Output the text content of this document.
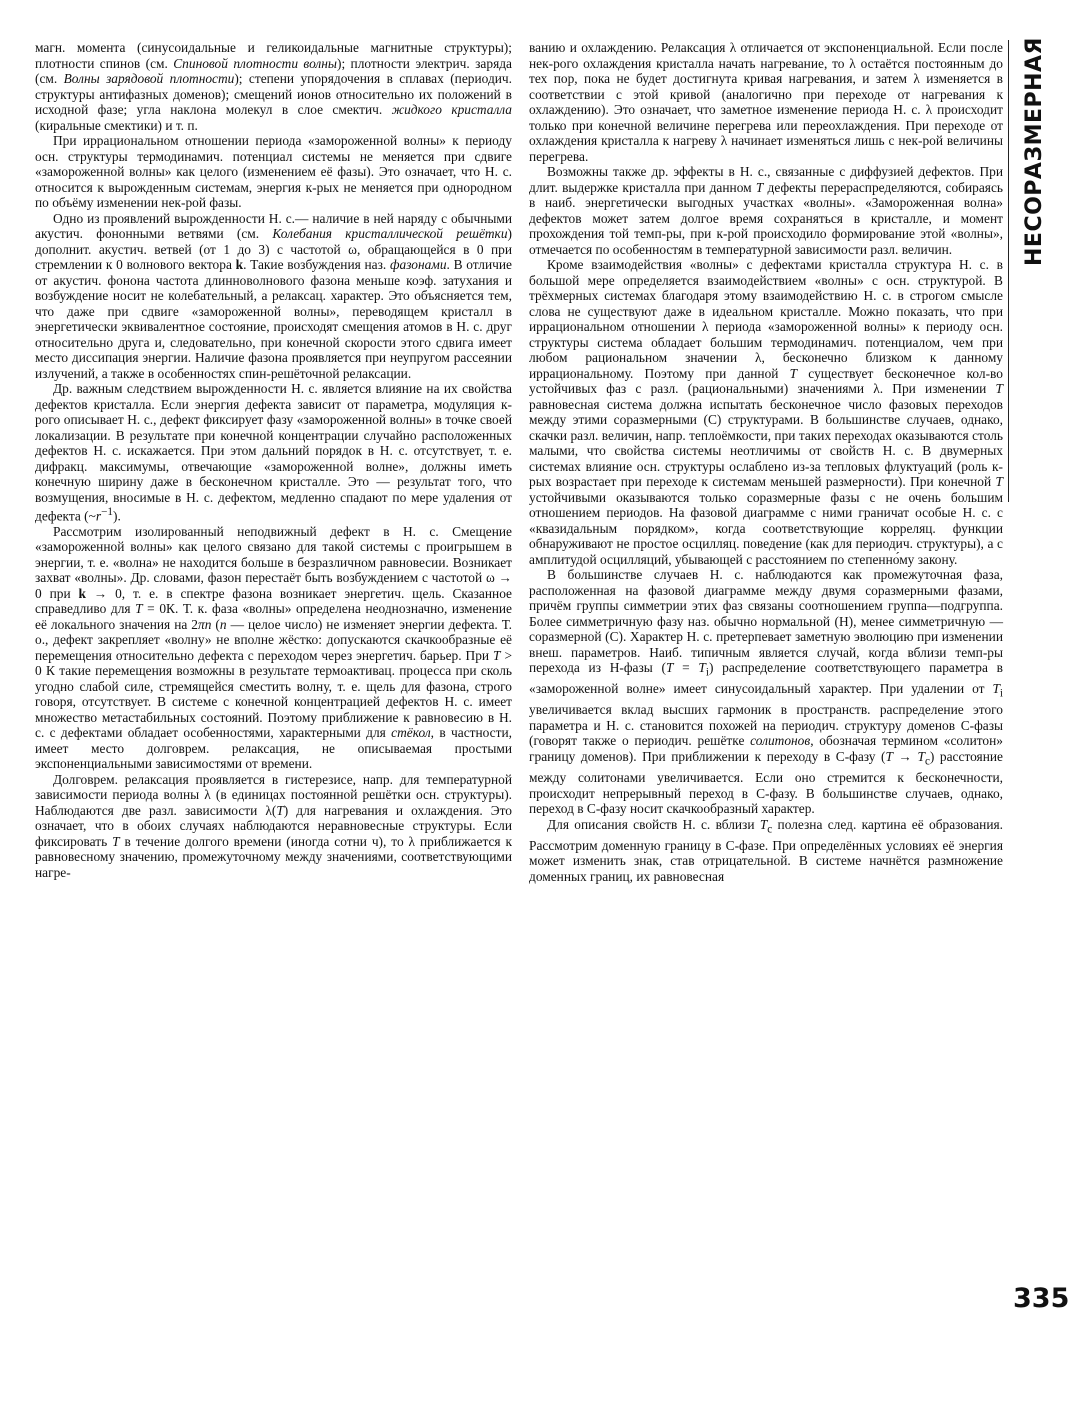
магн. момента (синусоидальные и геликоидальные магнитные структуры); плотности спинов (см. Спиновой плотности волны); плотности электрич. заряда (см. Волны зарядовой плотности); степени упорядочения в сплавах (периодич. структуры антифазных доменов); смещений ионов относительно их положений в исходной фазе; угла наклона молекул в слое смектич. жидкого кристалла (киральные смектики) и т. п.

При иррациональном отношении периода «замороженной волны» к периоду осн. структуры термодинамич. потенциал системы не меняется при сдвиге «замороженной волны» как целого (изменением её фазы). Это означает, что Н. с. относится к вырожденным системам, энергия к-рых не меняется при однородном по объёму изменении нек-рой фазы.

Одно из проявлений вырожденности Н. с.— наличие в ней наряду с обычными акустич. фононными ветвями (см. Колебания кристаллической решётки) дополнит. акустич. ветвей (от 1 до 3) с частотой ω, обращающейся в 0 при стремлении к 0 волнового вектора k. Такие возбуждения наз. фазонами. В отличие от акустич. фонона частота длинноволнового фазона меньше коэф. затухания и возбуждение носит не колебательный, а релаксац. характер. Это объясняется тем, что даже при сдвиге «замороженной волны», переводящем кристалл в энергетически эквивалентное состояние, происходят смещения атомов в Н. с. друг относительно друга и, следовательно, при конечной скорости этого сдвига имеет место диссипация энергии. Наличие фазона проявляется при неупругом рассеянии излучений, а также в особенностях спин-решёточной релаксации.

Др. важным следствием вырожденности Н. с. является влияние на их свойства дефектов кристалла. Если энергия дефекта зависит от параметра, модуляция к-рого описывает Н. с., дефект фиксирует фазу «замороженной волны» в точке своей локализации. В результате при конечной концентрации случайно расположенных дефектов Н. с. искажается. При этом дальний порядок в Н. с. отсутствует, т. е. дифракц. максимумы, отвечающие «замороженной волне», должны иметь конечную ширину даже в бесконечном кристалле. Это — результат того, что возмущения, вносимые в Н. с. дефектом, медленно спадают по мере удаления от дефекта $(\sim r^{-1})$.

Рассмотрим изолированный неподвижный дефект в Н. с. Смещение «замороженной волны» как целого связано для такой системы с проигрышем в энергии, т. е. «волна» не находится больше в безразличном равновесии. Возникает захват «волны». Др. словами, фазон перестаёт быть возбуждением с частотой ω → 0 при k → 0, т. е. в спектре фазона возникает энергетич. щель. Сказанное справедливо для T = 0К. Т. к. фаза «волны» определена неоднозначно, изменение её локального значения на 2πn (n — целое число) не изменяет энергии дефекта. Т. о., дефект закрепляет «волну» не вполне жёстко: допускаются скачкообразные её перемещения относительно дефекта с переходом через энергетич. барьер. При T > 0 К такие перемещения возможны в результате термоактивац. процесса при сколь угодно слабой силе, стремящейся сместить волну, т. е. щель для фазона, строго говоря, отсутствует. В системе с конечной концентрацией дефектов Н. с. имеет множество метастабильных состояний. Поэтому приближение к равновесию в Н. с. с дефектами обладает особенностями, характерными для стёкол, в частности, имеет место долговрем. релаксация, не описываемая простыми экспоненциальными зависимостями от времени.

Долговрем. релаксация проявляется в гистерезисе, напр. для температурной зависимости периода волны λ (в единицах постоянной решётки осн. структуры). Наблюдаются две разл. зависимости λ(T) для нагревания и охлаждения. Это означает, что в обоих случаях наблюдаются неравновесные структуры. Если фиксировать T в течение долгого времени (иногда сотни ч), то λ приближается к равновесному значению, промежуточному между значениями, соответствующими нагре-

ванию и охлаждению. Релаксация λ отличается от экспоненциальной. Если после нек-рого охлаждения кристалла начать нагревание, то λ остаётся постоянным до тех пор, пока не будет достигнута кривая нагревания, и затем λ изменяется в соответствии с этой кривой (аналогично при переходе от нагревания к охлаждению). Это означает, что заметное изменение периода Н. с. λ происходит только при конечной величине перегрева или переохлаждения. При переходе от охлаждения кристалла к нагреву λ начинает изменяться лишь с нек-рой величины перегрева.

Возможны также др. эффекты в Н. с., связанные с диффузией дефектов. При длит. выдержке кристалла при данном T дефекты перераспределяются, собираясь в наиб. энергетически выгодных участках «волны». «Замороженная волна» дефектов может затем долгое время сохраняться в кристалле, и момент прохождения той темп-ры, при к-рой происходило формирование этой «волны», отмечается по особенностям в температурной зависимости разл. величин.

Кроме взаимодействия «волны» с дефектами кристалла структура Н. с. в большой мере определяется взаимодействием «волны» с осн. структурой. В трёхмерных системах благодаря этому взаимодействию Н. с. в строгом смысле слова не существуют даже в идеальном кристалле. Можно показать, что при иррациональном отношении λ периода «замороженной волны» к периоду осн. структуры система обладает большим термодинамич. потенциалом, чем при любом рациональном значении λ, бесконечно близком к данному иррациональному. Поэтому при данной T существует бесконечное кол-во устойчивых фаз с разл. (рациональными) значениями λ. При изменении T равновесная система должна испытать бесконечное число фазовых переходов между этими соразмерными (С) структурами. В большинстве случаев, однако, скачки разл. величин, напр. теплоёмкости, при таких переходах оказываются столь малыми, что свойства системы неотличимы от свойств Н. с. В двумерных системах влияние осн. структуры ослаблено из-за тепловых флуктуаций (роль к-рых возрастает при переходе к системам меньшей размерности). При конечной T устойчивыми оказываются только соразмерные фазы с не очень большим отношением периодов. На фазовой диаграмме с ними граничат особые Н. с. с «квазидальным порядком», когда соответствующие корреляц. функции обнаруживают не простое осцилляц. поведение (как для периодич. структуры), а с амплитудой осцилляций, убывающей с расстоянием по степенно́му закону.

В большинстве случаев Н. с. наблюдаются как промежуточная фаза, расположенная на фазовой диаграмме между двумя соразмерными фазами, причём группы симметрии этих фаз связаны соотношением группа—подгруппа. Более симметричную фазу наз. обычно нормальной (Н), менее симметричную — соразмерной (С). Характер Н. с. претерпевает заметную эволюцию при изменении внеш. параметров. Наиб. типичным является случай, когда вблизи темп-ры перехода из Н-фазы $(T = T_i)$ распределение соответствующего параметра в «замороженной волне» имеет синусоидальный характер. При удалении от $T_i$ увеличивается вклад высших гармоник в пространств. распределение этого параметра и Н. с. становится похожей на периодич. структуру доменов С-фазы (говорят также о периодич. решётке солитонов, обозначая термином «солитон» границу доменов). При приближении к переходу в С-фазу $(T \to T_c)$ расстояние между солитонами увеличивается. Если оно стремится к бесконечности, происходит непрерывный переход в С-фазу. В большинстве случаев, однако, переход в С-фазу носит скачкообразный характер.

Для описания свойств Н. с. вблизи $T_c$ полезна след. картина её образования. Рассмотрим доменную границу в С-фазе. При определённых условиях её энергия может изменить знак, став отрицательной. В системе начнётся размножение доменных границ, их равновесная

НЕСОРАЗМЕРНАЯ
335
